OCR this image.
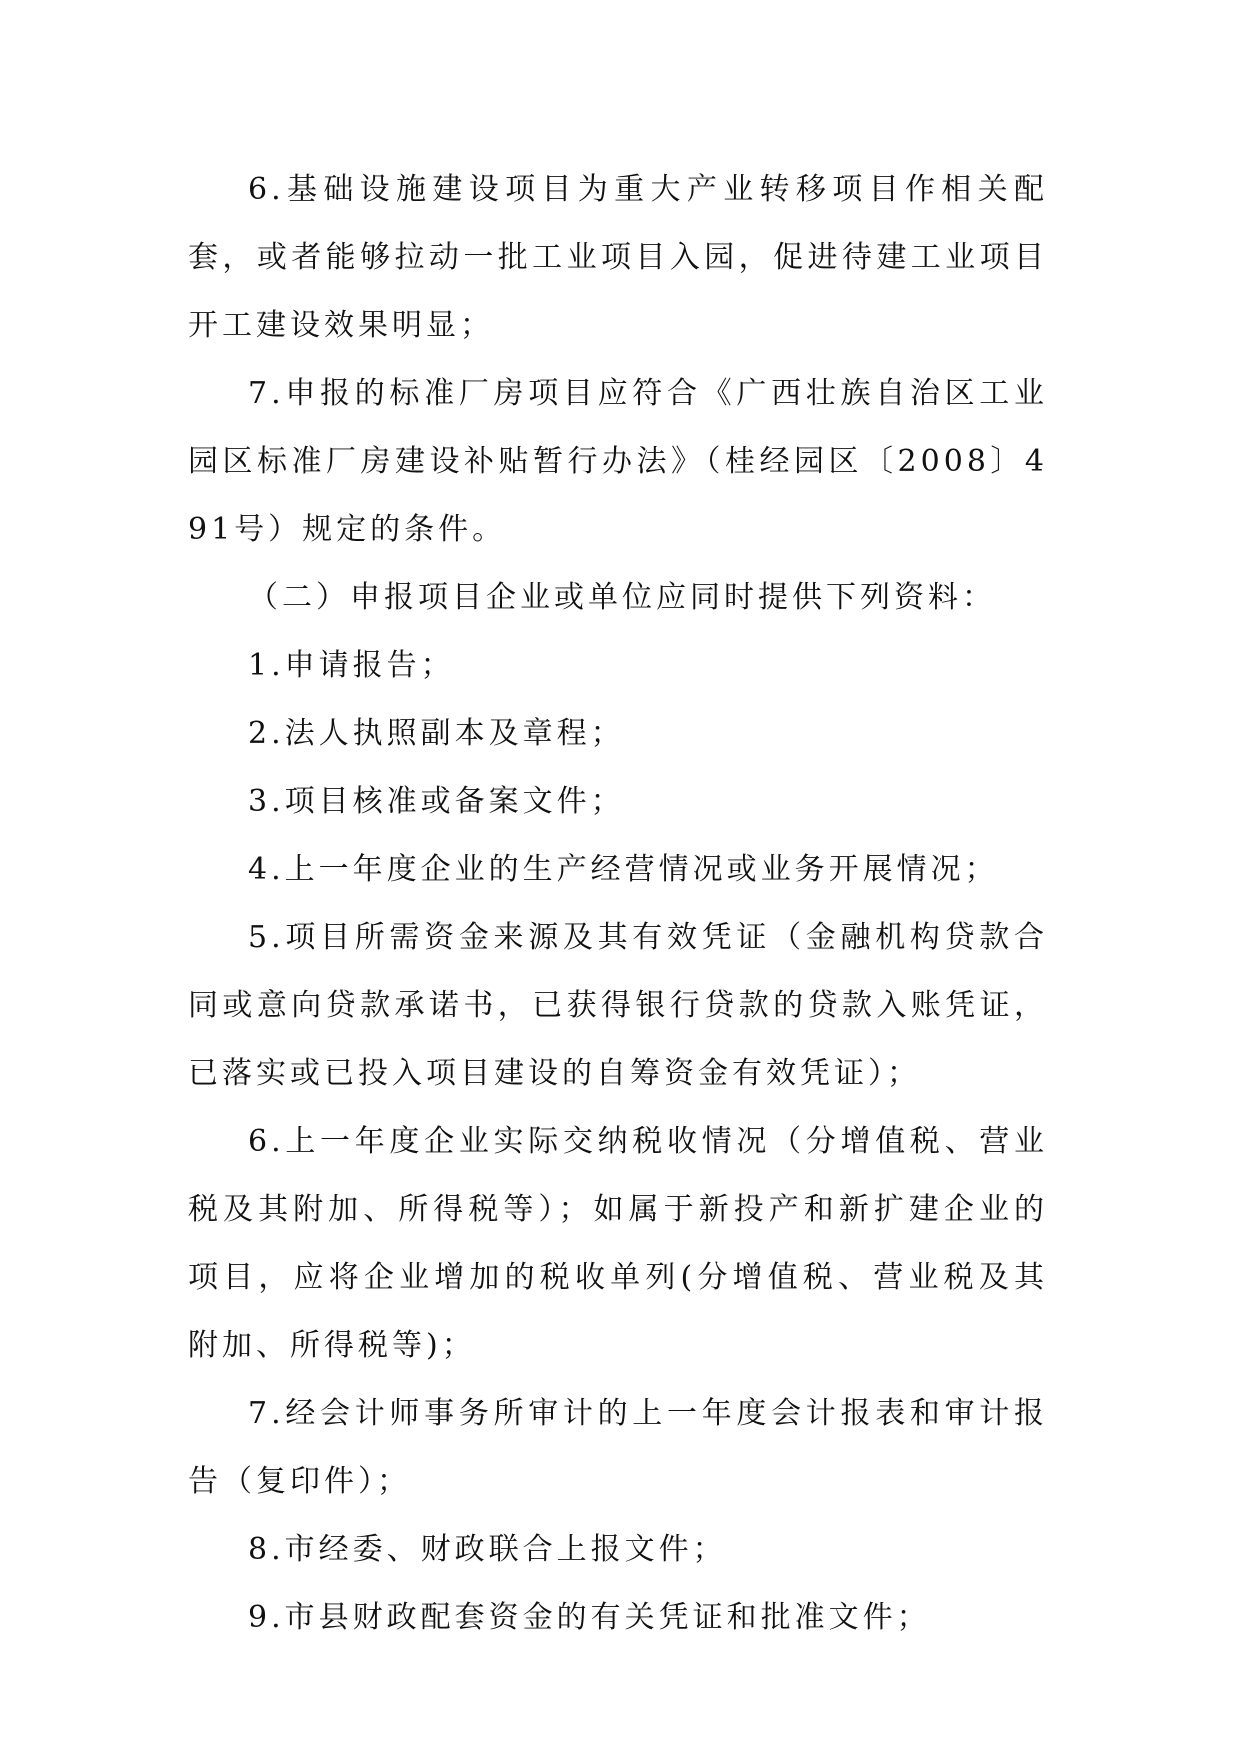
6.基础设施建设项目为重大产业转移项目作相关配套，或者能够拉动一批工业项目入园，促进待建工业项目开工建设效果明显；

7.申报的标准厂房项目应符合《广西壮族自治区工业园区标准厂房建设补贴暂行办法》（桂经园区〔2008〕491号）规定的条件。

（二）申报项目企业或单位应同时提供下列资料：

1.申请报告；

2.法人执照副本及章程；

3.项目核准或备案文件；

4.上一年度企业的生产经营情况或业务开展情况；

5.项目所需资金来源及其有效凭证（金融机构贷款合同或意向贷款承诺书，已获得银行贷款的贷款入账凭证，已落实或已投入项目建设的自筹资金有效凭证）；

6.上一年度企业实际交纳税收情况（分增值税、营业税及其附加、所得税等）；如属于新投产和新扩建企业的项目，应将企业增加的税收单列(分增值税、营业税及其附加、所得税等)；

7.经会计师事务所审计的上一年度会计报表和审计报告（复印件）；

8.市经委、财政联合上报文件；

9.市县财政配套资金的有关凭证和批准文件；
